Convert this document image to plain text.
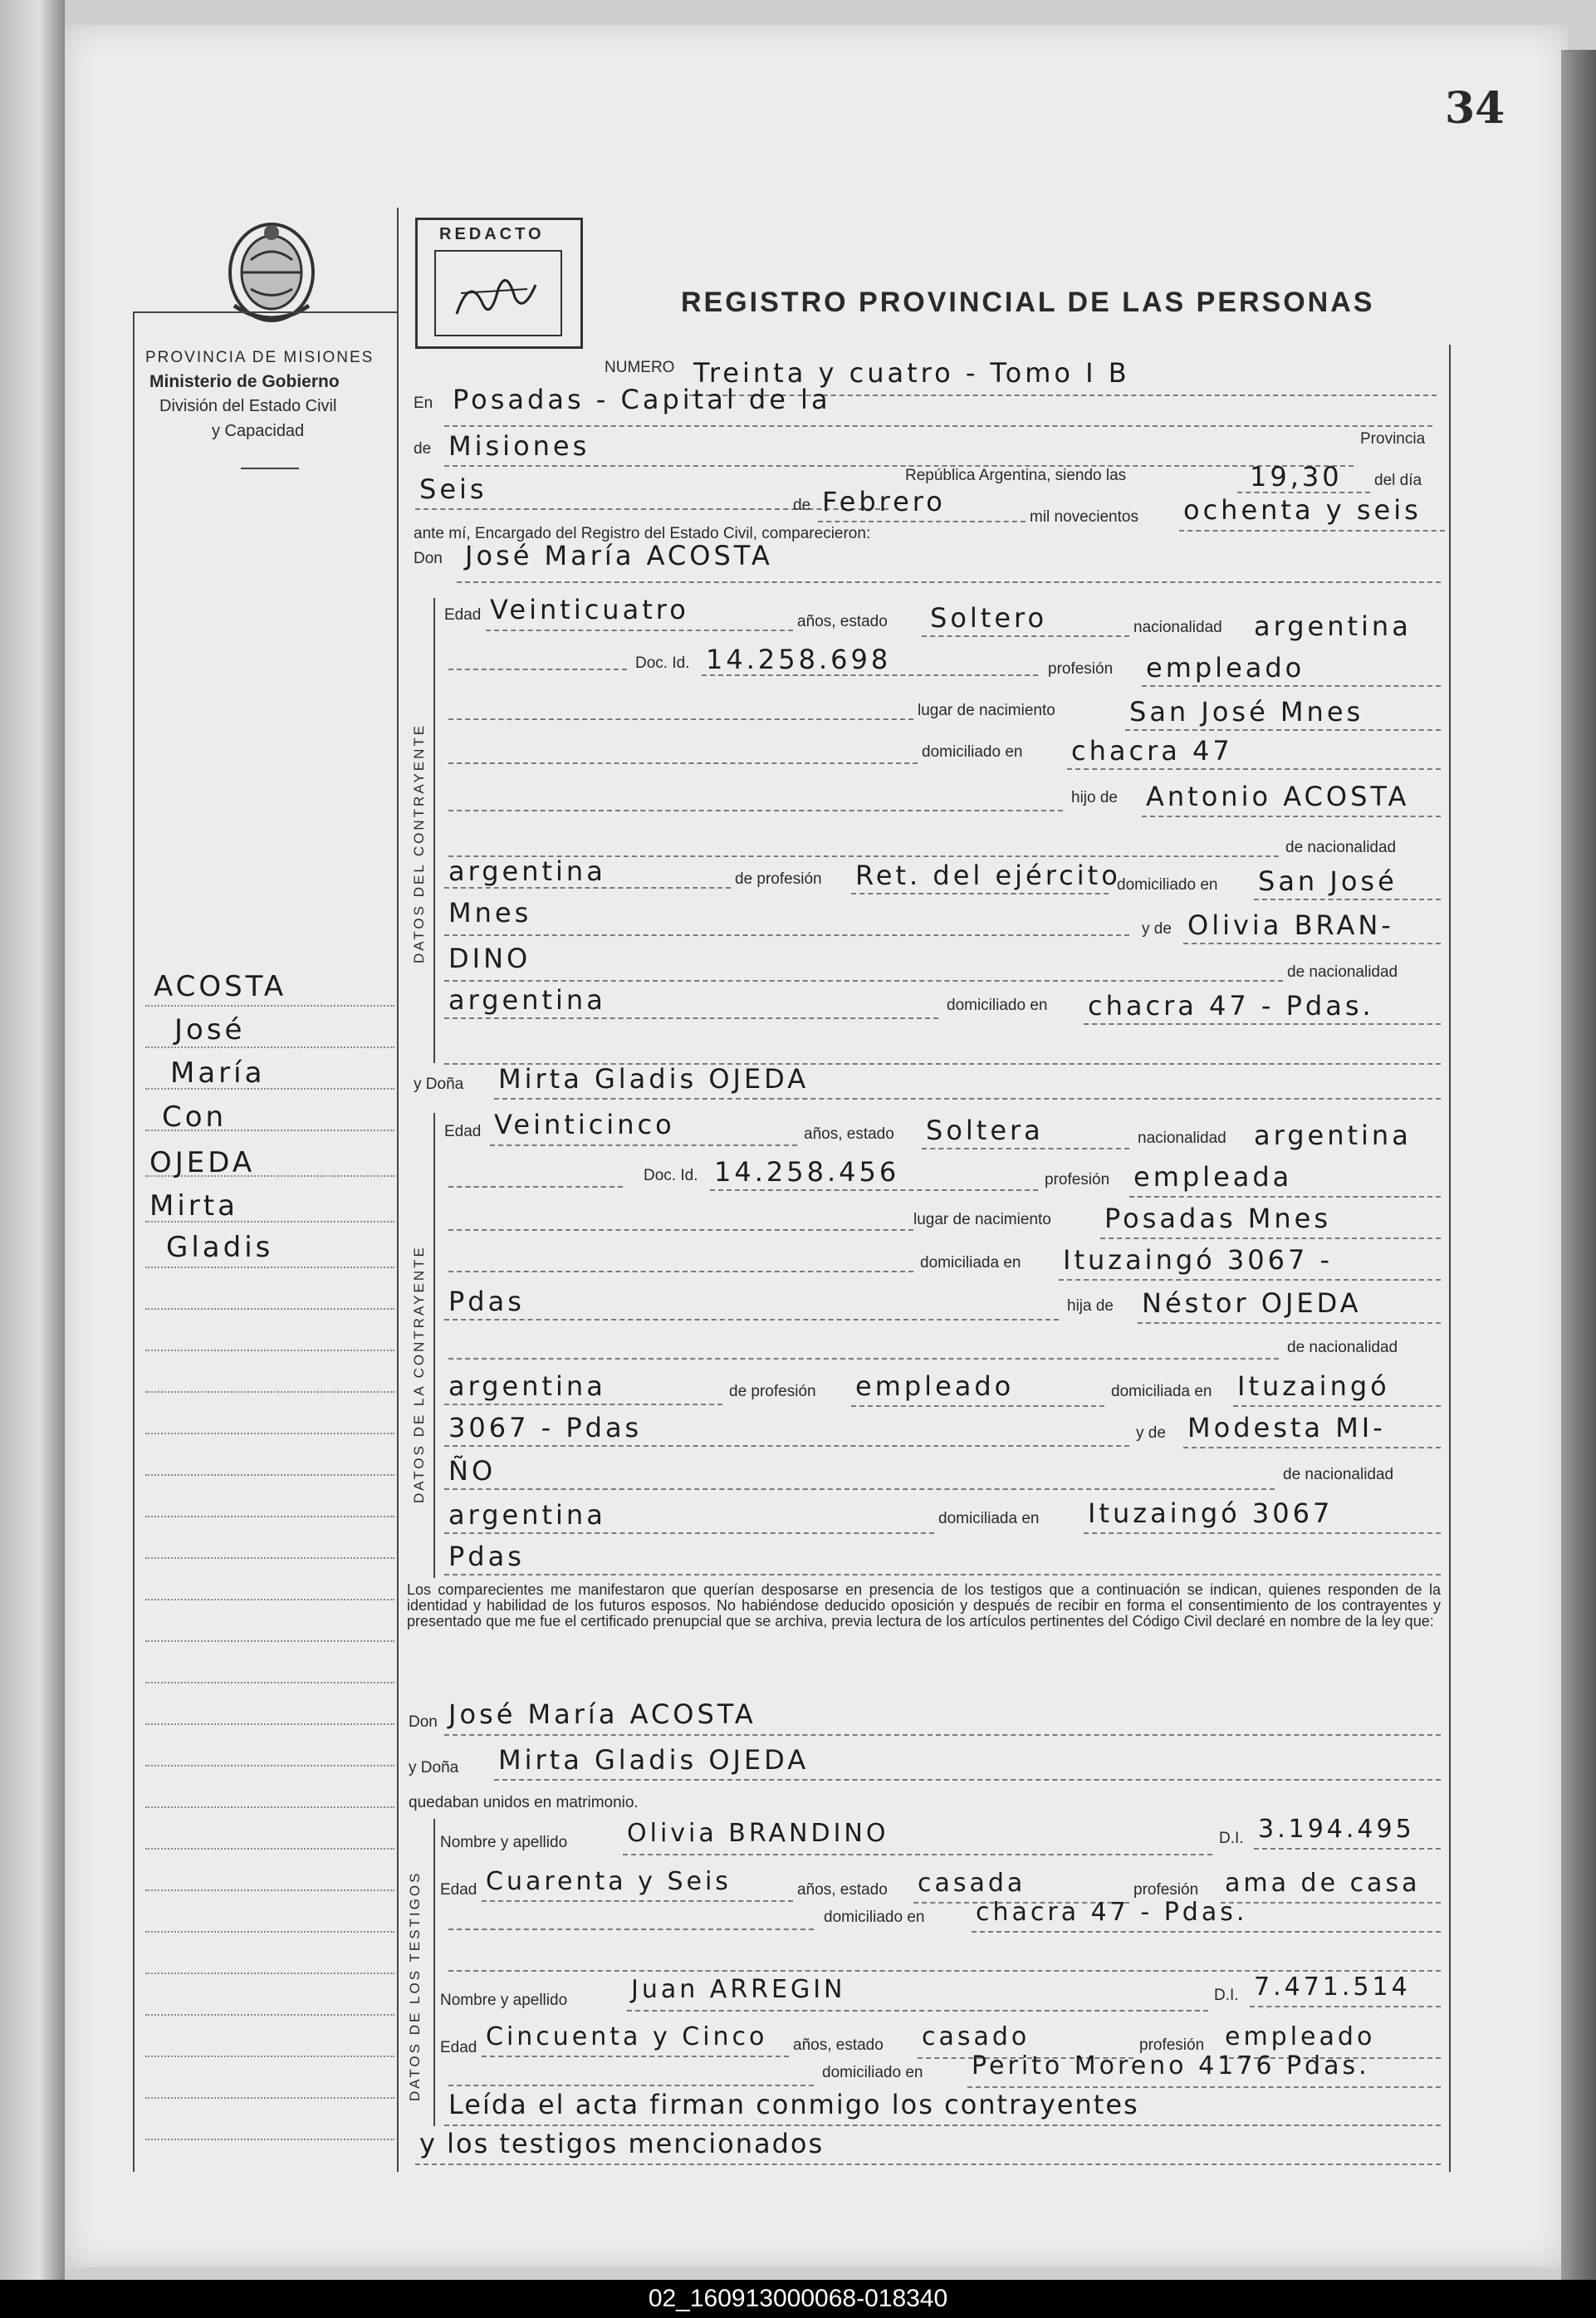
34
PROVINCIA DE MISIONES
Ministerio de Gobierno
División del Estado Civil
y Capacidad
ACOSTA
José
María
Con
OJEDA
Mirta
Gladis
REDACTO
REGISTRO PROVINCIAL DE LAS PERSONAS
NUMERO Treinta y cuatro - Tomo I B
En Posadas - Capital de la
de Misiones	Provincia
Seis	República Argentina, siendo las	19,30 del día
de Febrero	mil novecientos ochenta y seis
ante mí, Encargado del Registro del Estado Civil, comparecieron:
Don José María ACOSTA
DATOS DEL CONTRAYENTE
Edad Veinticuatro	años, estado Soltero	nacionalidad argentina
Doc. Id. 14.258.698	profesión empleado
lugar de nacimiento	San José Mnes
domiciliado en chacra 47
hijo de Antonio ACOSTA
de nacionalidad
argentina	de profesión Ret. del ejército
domiciliado en San José
Mnes
y de Olivia BRAN-
DINO	de nacionalidad
argentina	domiciliado en chacra 47 - Pdas.
y Doña Mirta Gladis OJEDA
DATOS DE LA CONTRAYENTE
Edad Veinticinco	años, estado Soltera	nacionalidad argentina
Doc. Id. 14.258.456	profesión empleada
lugar de nacimiento Posadas Mnes
domiciliada en Ituzaingó 3067 -
Pdas	hija de Néstor OJEDA
de nacionalidad
argentina	de profesión empleado	domiciliada en Ituzaingó
3067 - Pdas	y de Modesta MI-
ÑO	de nacionalidad
argentina	domiciliada en Ituzaingó 3067
Pdas
Los comparecientes me manifestaron que querían desposarse en presencia de los testigos que a continuación se indican, quienes responden de la identidad y habilidad de los futuros esposos. No habiéndose deducido oposición y después de recibir en forma el consentimiento de los contrayentes y presentado que me fue el certificado prenupcial que se archiva, previa lectura de los artículos pertinentes del Código Civil declaré en nombre de la ley que:
Don José María ACOSTA
y Doña Mirta Gladis OJEDA
quedaban unidos en matrimonio.
DATOS DE LOS TESTIGOS
Nombre y apellido Olivia BRANDINO	D.I. 3.194.495
Edad Cuarenta y Seis	años, estado casada	profesión ama de casa
domiciliado en chacra 47 - Pdas.
Nombre y apellido	Juan ARREGIN	D.I. 7.471.514
Edad Cincuenta y Cinco años, estado casado	profesión empleado
domiciliado en Perito Moreno 4176 Pdas.
Leída el acta firman conmigo los contrayentes
y los testigos mencionados
02_160913000068-018340
